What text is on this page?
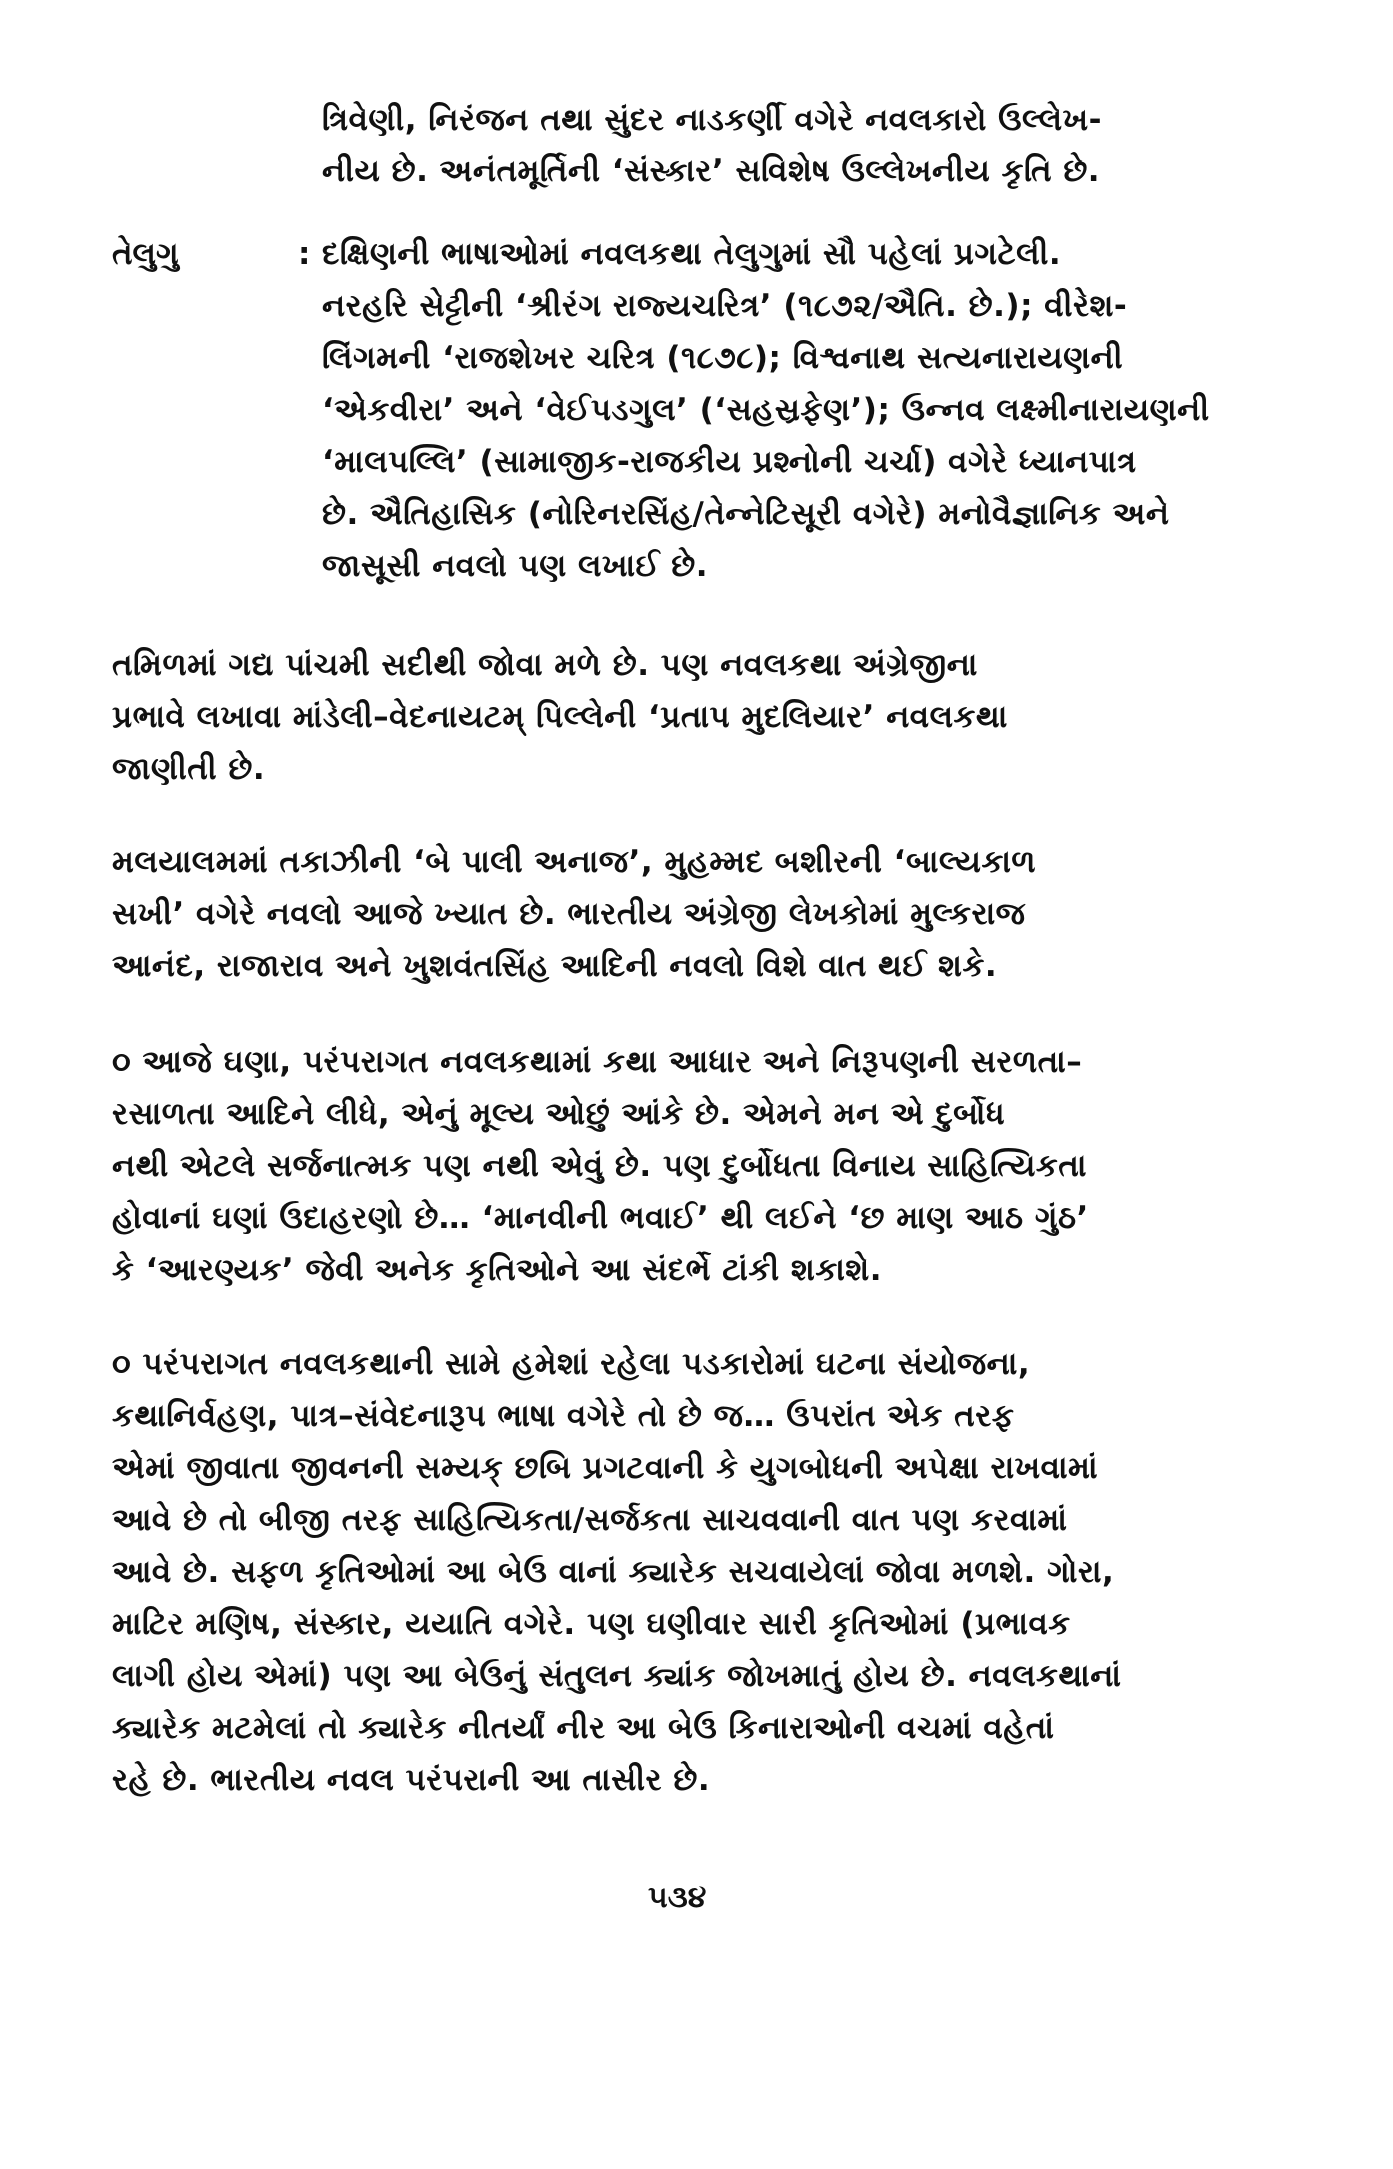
ત્રિવેણી, નિરંજન તથા સુંદર નાડકર્ણી વગેરે નવલકારો ઉલ્લેખ-
નીય છે. અનંતમૂર્તિની ‘સંસ્કાર’ સવિશેષ ઉલ્લેખનીય કૃતિ છે.
તેલુગુ	: દક્ષિણની ભાષાઓમાં નવલકથા તેલુગુમાં સૌ પહેલાં પ્રગટેલી.
નરહરિ સેટ્ટીની ‘શ્રીરંગ રાજ્યચરિત્ર’ (૧૮૭૨/ઐતિ. છે.); વીરેશ-
લિંગમની ‘રાજશેખર ચરિત્ર (૧૮૭૮); વિશ્વનાથ સત્યનારાયણની
‘એકવીરા’ અને ‘વેઈપડગુલ’ (‘સહસ્રફેણ’); ઉન્નવ લક્ષ્મીનારાયણની
‘માલપલ્લિ’ (સામાજીક-રાજકીય પ્રશ્નોની ચર્ચા) વગેરે ધ્યાનપાત્ર
છે. ઐતિહાસિક (નોરિનરસિંહ/તેન્નેટિસૂરી વગેરે) મનોવૈજ્ઞાનિક અને
જાસૂસી નવલો પણ લખાઈ છે.
તમિળમાં ગદ્ય પાંચમી સદીથી જોવા મળે છે. પણ નવલકથા અંગ્રેજીના
પ્રભાવે લખાવા માંડેલી–વેદનાયટમ્ પિલ્લેની ‘પ્રતાપ મુદલિયાર’ નવલકથા
જાણીતી છે.
મલયાલમમાં તકાઝીની ‘બે પાલી અનાજ’, મુહમ્મદ બશીરની ‘બાલ્યકાળ
સખી’ વગેરે નવલો આજે ખ્યાત છે. ભારતીય અંગ્રેજી લેખકોમાં મુલ્કરાજ
આનંદ, રાજારાવ અને ખુશવંતસિંહ આદિની નવલો વિશે વાત થઈ શકે.
૦ આજે ઘણા, પરંપરાગત નવલકથામાં કથા આધાર અને નિરૂપણની સરળતા–
રસાળતા આદિને લીધે, એનું મૂલ્ય ઓછું આંકે છે. એમને મન એ દુર્બોધ
નથી એટલે સર્જનાત્મક પણ નથી એવું છે. પણ દુર્બોધતા વિનાય સાહિત્યિકતા
હોવાનાં ઘણાં ઉદાહરણો છે… ‘માનવીની ભવાઈ’ થી લઈને ‘છ માણ આઠ ગુંઠ’
કે ‘આરણ્યક’ જેવી અનેક કૃતિઓને આ સંદર્ભે ટાંકી શકાશે.
૦ પરંપરાગત નવલકથાની સામે હમેશાં રહેલા પડકારોમાં ઘટના સંયોજના,
કથાનિર્વહણ, પાત્ર–સંવેદનારૂપ ભાષા વગેરે તો છે જ… ઉપરાંત એક તરફ
એમાં જીવાતા જીવનની સમ્યક્ છબિ પ્રગટવાની કે યુગબોધની અપેક્ષા રાખવામાં
આવે છે તો બીજી તરફ સાહિત્યિકતા/સર્જકતા સાચવવાની વાત પણ કરવામાં
આવે છે. સફળ કૃતિઓમાં આ બેઉ વાનાં ક્યારેક સચવાયેલાં જોવા મળશે. ગોરા,
માટિર મણિષ, સંસ્કાર, યયાતિ વગેરે. પણ ઘણીવાર સારી કૃતિઓમાં (પ્રભાવક
લાગી હોય એમાં) પણ આ બેઉનું સંતુલન ક્યાંક જોખમાતું હોય છે. નવલકથાનાં
ક્યારેક મટમેલાં તો ક્યારેક નીતર્યાં નીર આ બેઉ કિનારાઓની વચમાં વહેતાં
રહે છે. ભારતીય નવલ પરંપરાની આ તાસીર છે.
૫૩૪
